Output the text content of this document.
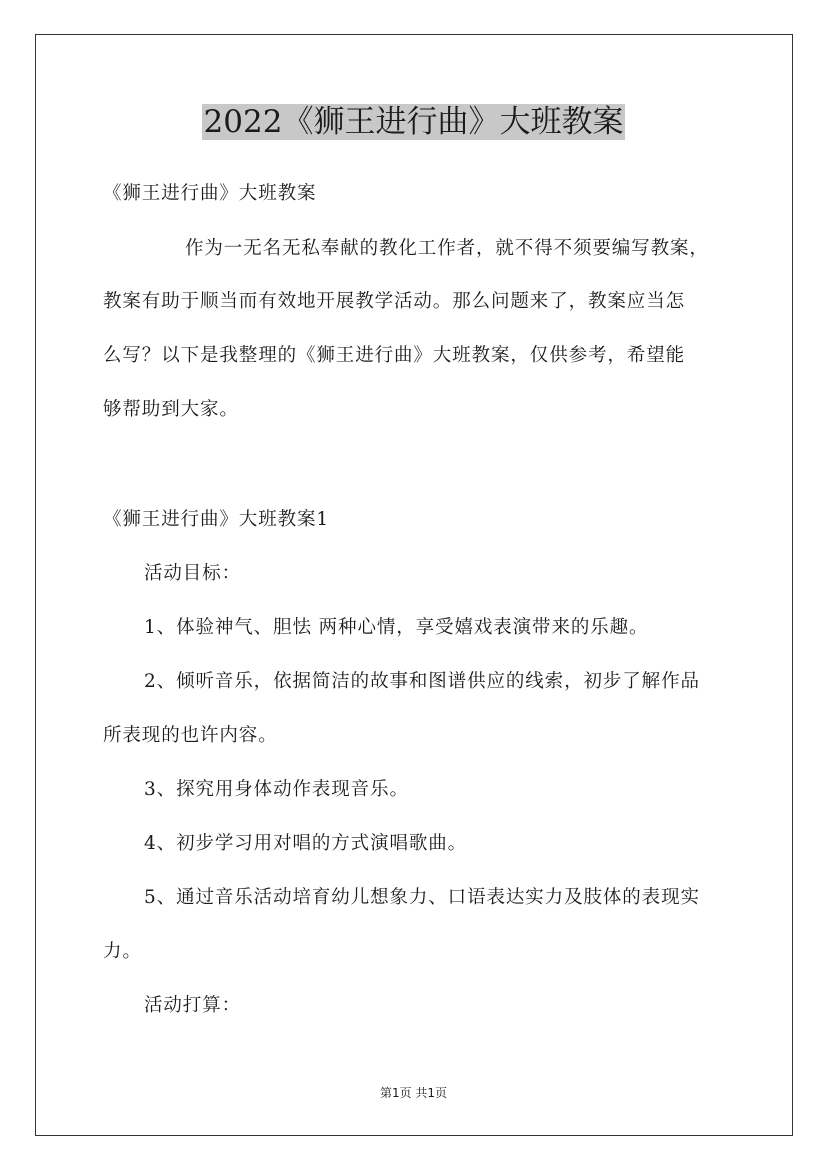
2022《狮王进行曲》大班教案
《狮王进行曲》大班教案
作为一无名无私奉献的教化工作者，就不得不须要编写教案，
教案有助于顺当而有效地开展教学活动。那么问题来了，教案应当怎
么写？以下是我整理的《狮王进行曲》大班教案，仅供参考，希望能
够帮助到大家。
《狮王进行曲》大班教案1
活动目标：
1、体验神气、胆怯 两种心情，享受嬉戏表演带来的乐趣。
2、倾听音乐，依据简洁的故事和图谱供应的线索，初步了解作品
所表现的也许内容。
3、探究用身体动作表现音乐。
4、初步学习用对唱的方式演唱歌曲。
5、通过音乐活动培育幼儿想象力、口语表达实力及肢体的表现实
力。
活动打算：
第1页 共1页
